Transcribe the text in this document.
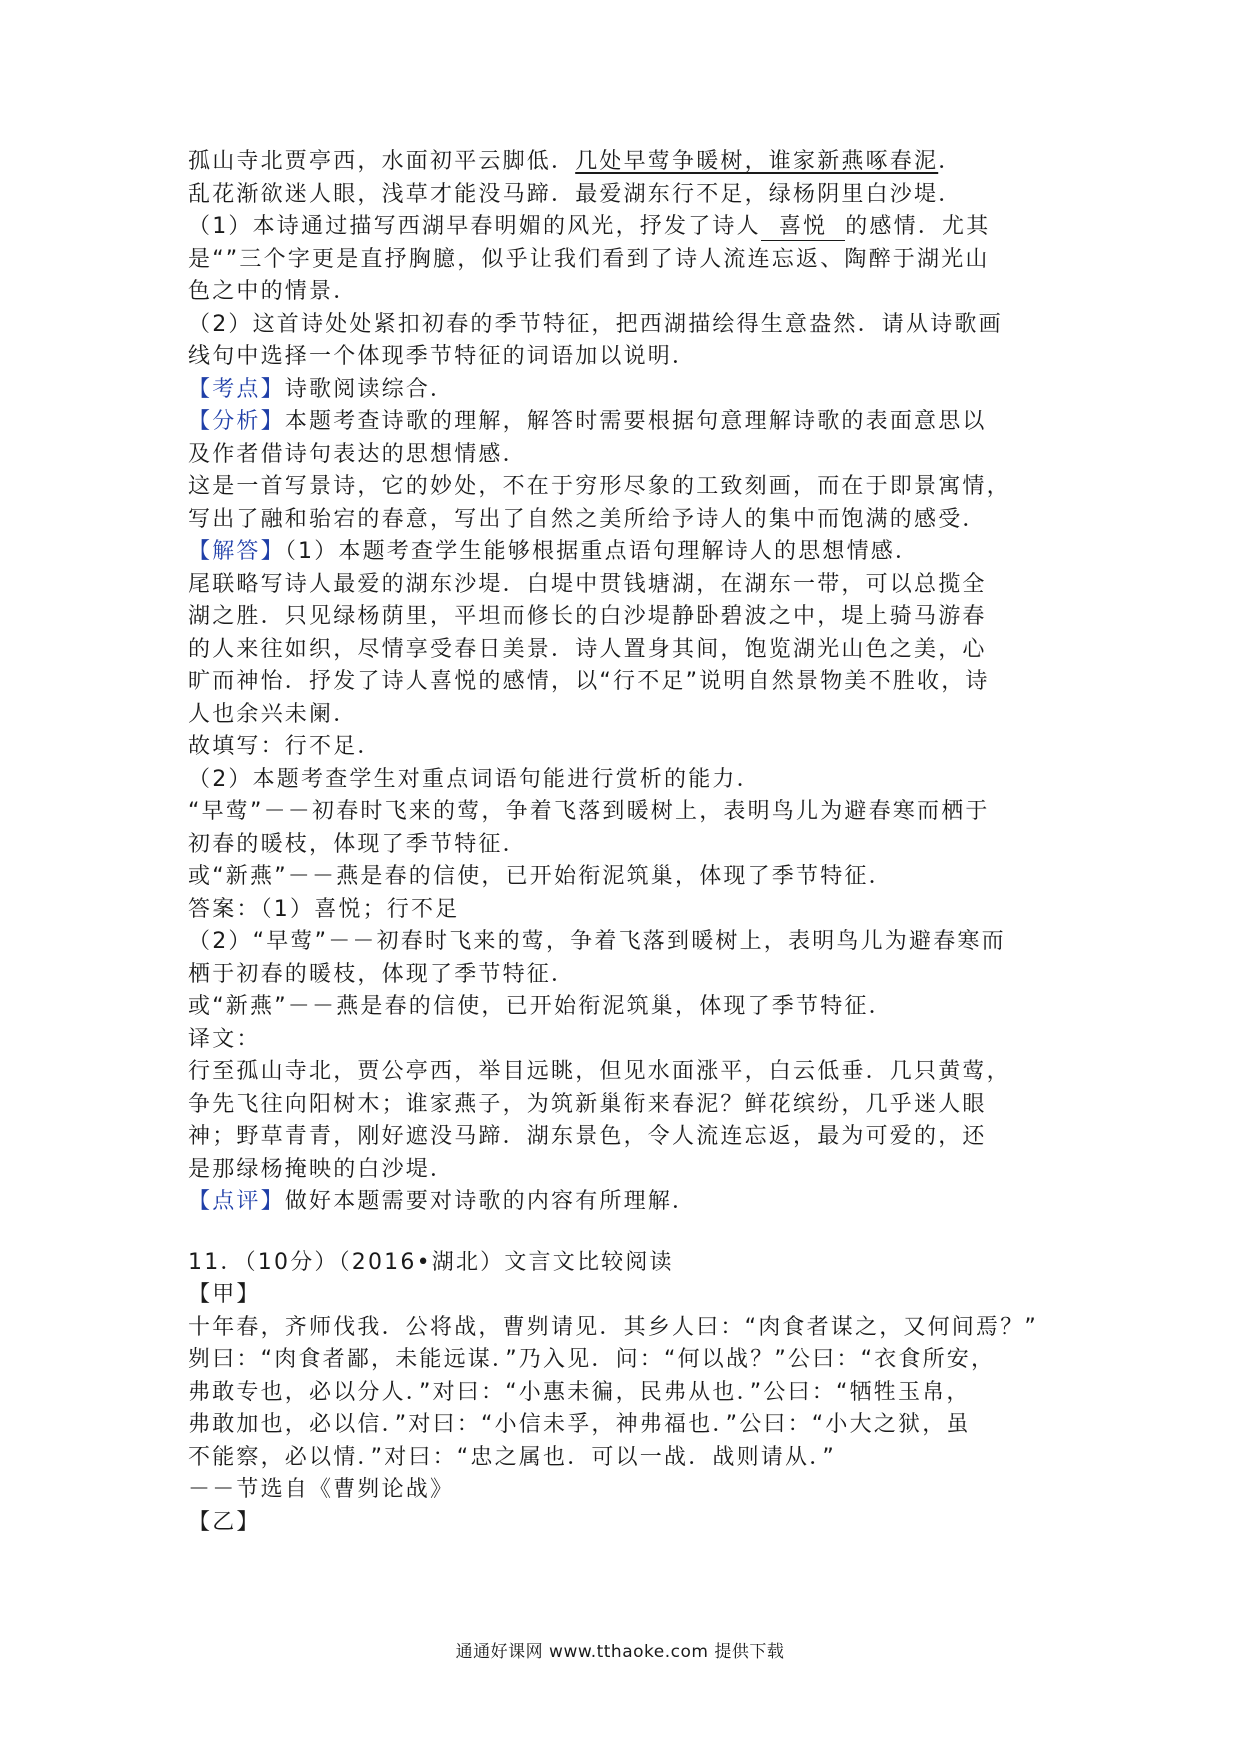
孤山寺北贾亭西，水面初平云脚低．几处早莺争暖树，谁家新燕啄春泥．
乱花渐欲迷人眼，浅草才能没马蹄．最爱湖东行不足，绿杨阴里白沙堤．
（1）本诗通过描写西湖早春明媚的风光，抒发了诗人 喜悦 的感情．尤其
是“”三个字更是直抒胸臆，似乎让我们看到了诗人流连忘返、陶醉于湖光山
色之中的情景．
（2）这首诗处处紧扣初春的季节特征，把西湖描绘得生意盎然．请从诗歌画
线句中选择一个体现季节特征的词语加以说明．
【考点】诗歌阅读综合．
【分析】本题考查诗歌的理解，解答时需要根据句意理解诗歌的表面意思以
及作者借诗句表达的思想情感．
这是一首写景诗，它的妙处，不在于穷形尽象的工致刻画，而在于即景寓情，
写出了融和骀宕的春意，写出了自然之美所给予诗人的集中而饱满的感受．
【解答】（1）本题考查学生能够根据重点语句理解诗人的思想情感．
尾联略写诗人最爱的湖东沙堤．白堤中贯钱塘湖，在湖东一带，可以总揽全
湖之胜．只见绿杨荫里，平坦而修长的白沙堤静卧碧波之中，堤上骑马游春
的人来往如织，尽情享受春日美景．诗人置身其间，饱览湖光山色之美，心
旷而神怡．抒发了诗人喜悦的感情，以“行不足”说明自然景物美不胜收，诗
人也余兴未阑．
故填写：行不足．
（2）本题考查学生对重点词语句能进行赏析的能力．
“早莺”－－初春时飞来的莺，争着飞落到暖树上，表明鸟儿为避春寒而栖于
初春的暖枝，体现了季节特征．
或“新燕”－－燕是春的信使，已开始衔泥筑巢，体现了季节特征．
答案：（1）喜悦；行不足
（2）“早莺”－－初春时飞来的莺，争着飞落到暖树上，表明鸟儿为避春寒而
栖于初春的暖枝，体现了季节特征．
或“新燕”－－燕是春的信使，已开始衔泥筑巢，体现了季节特征．
译文：
行至孤山寺北，贾公亭西，举目远眺，但见水面涨平，白云低垂．几只黄莺，
争先飞往向阳树木；谁家燕子，为筑新巢衔来春泥？鲜花缤纷，几乎迷人眼
神；野草青青，刚好遮没马蹄．湖东景色，令人流连忘返，最为可爱的，还
是那绿杨掩映的白沙堤．
【点评】做好本题需要对诗歌的内容有所理解．
11．（10分）（2016•湖北）文言文比较阅读
【甲】
十年春，齐师伐我．公将战，曹刿请见．其乡人曰：“肉食者谋之，又何间焉？”
刿曰：“肉食者鄙，未能远谋．”乃入见．问：“何以战？”公曰：“衣食所安，
弗敢专也，必以分人．”对曰：“小惠未徧，民弗从也．”公曰：“牺牲玉帛，
弗敢加也，必以信．”对曰：“小信未孚，神弗福也．”公曰：“小大之狱，虽
不能察，必以情．”对曰：“忠之属也．可以一战．战则请从．”
－－节选自《曹刿论战》
【乙】
通通好课网 www.tthaoke.com 提供下载
